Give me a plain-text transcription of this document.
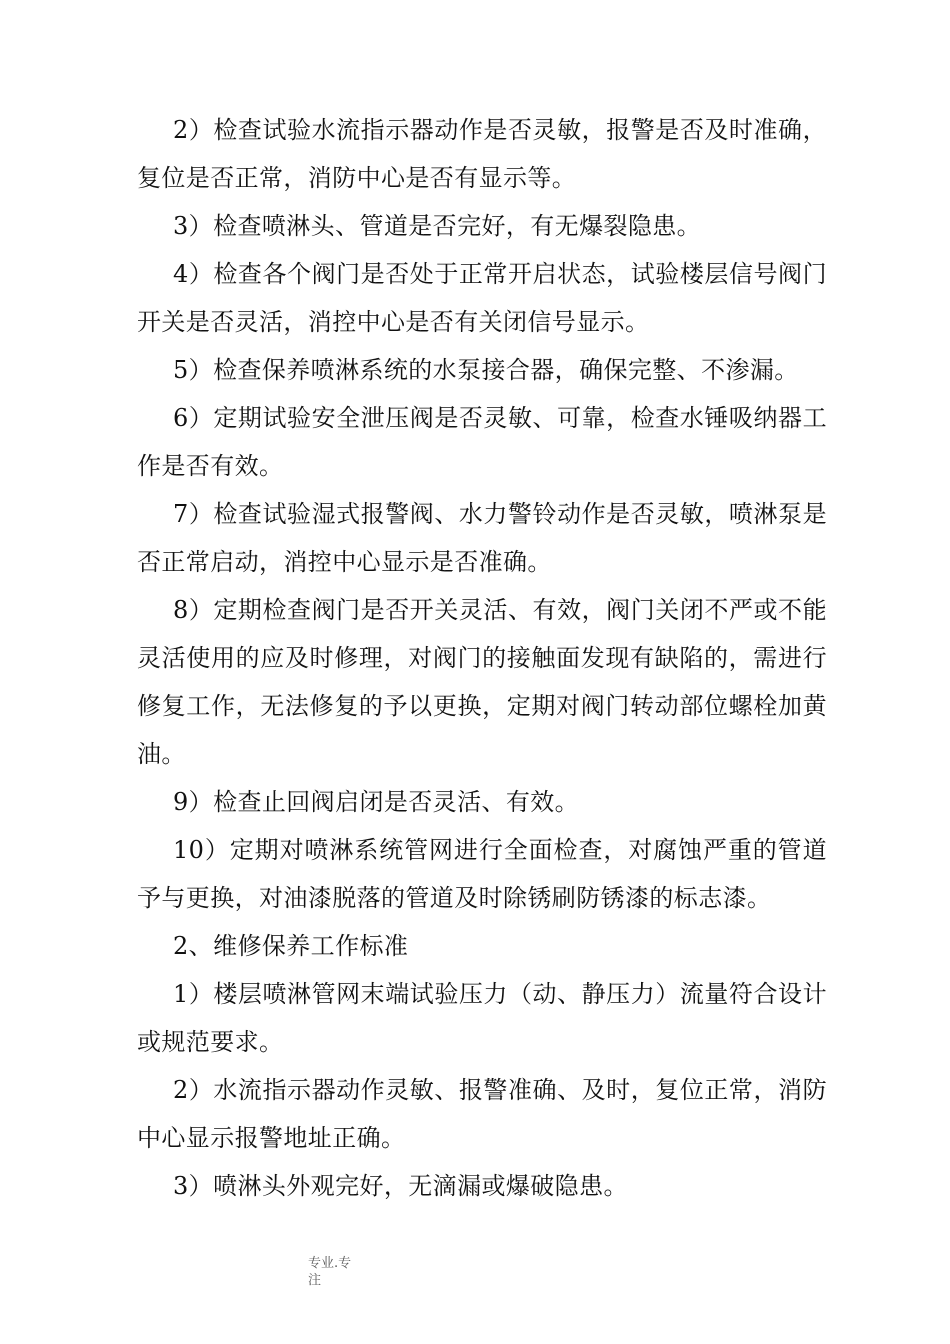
2）检查试验水流指示器动作是否灵敏，报警是否及时准确，复位是否正常，消防中心是否有显示等。

3）检查喷淋头、管道是否完好，有无爆裂隐患。

4）检查各个阀门是否处于正常开启状态，试验楼层信号阀门开关是否灵活，消控中心是否有关闭信号显示。

5）检查保养喷淋系统的水泵接合器，确保完整、不渗漏。

6）定期试验安全泄压阀是否灵敏、可靠，检查水锤吸纳器工作是否有效。

7）检查试验湿式报警阀、水力警铃动作是否灵敏，喷淋泵是否正常启动，消控中心显示是否准确。

8）定期检查阀门是否开关灵活、有效，阀门关闭不严或不能灵活使用的应及时修理，对阀门的接触面发现有缺陷的，需进行修复工作，无法修复的予以更换，定期对阀门转动部位螺栓加黄油。

9）检查止回阀启闭是否灵活、有效。

10）定期对喷淋系统管网进行全面检查，对腐蚀严重的管道予与更换，对油漆脱落的管道及时除锈刷防锈漆的标志漆。

2、维修保养工作标准

1）楼层喷淋管网末端试验压力（动、静压力）流量符合设计或规范要求。

2）水流指示器动作灵敏、报警准确、及时，复位正常，消防中心显示报警地址正确。

3）喷淋头外观完好，无滴漏或爆破隐患。

专业.专注
